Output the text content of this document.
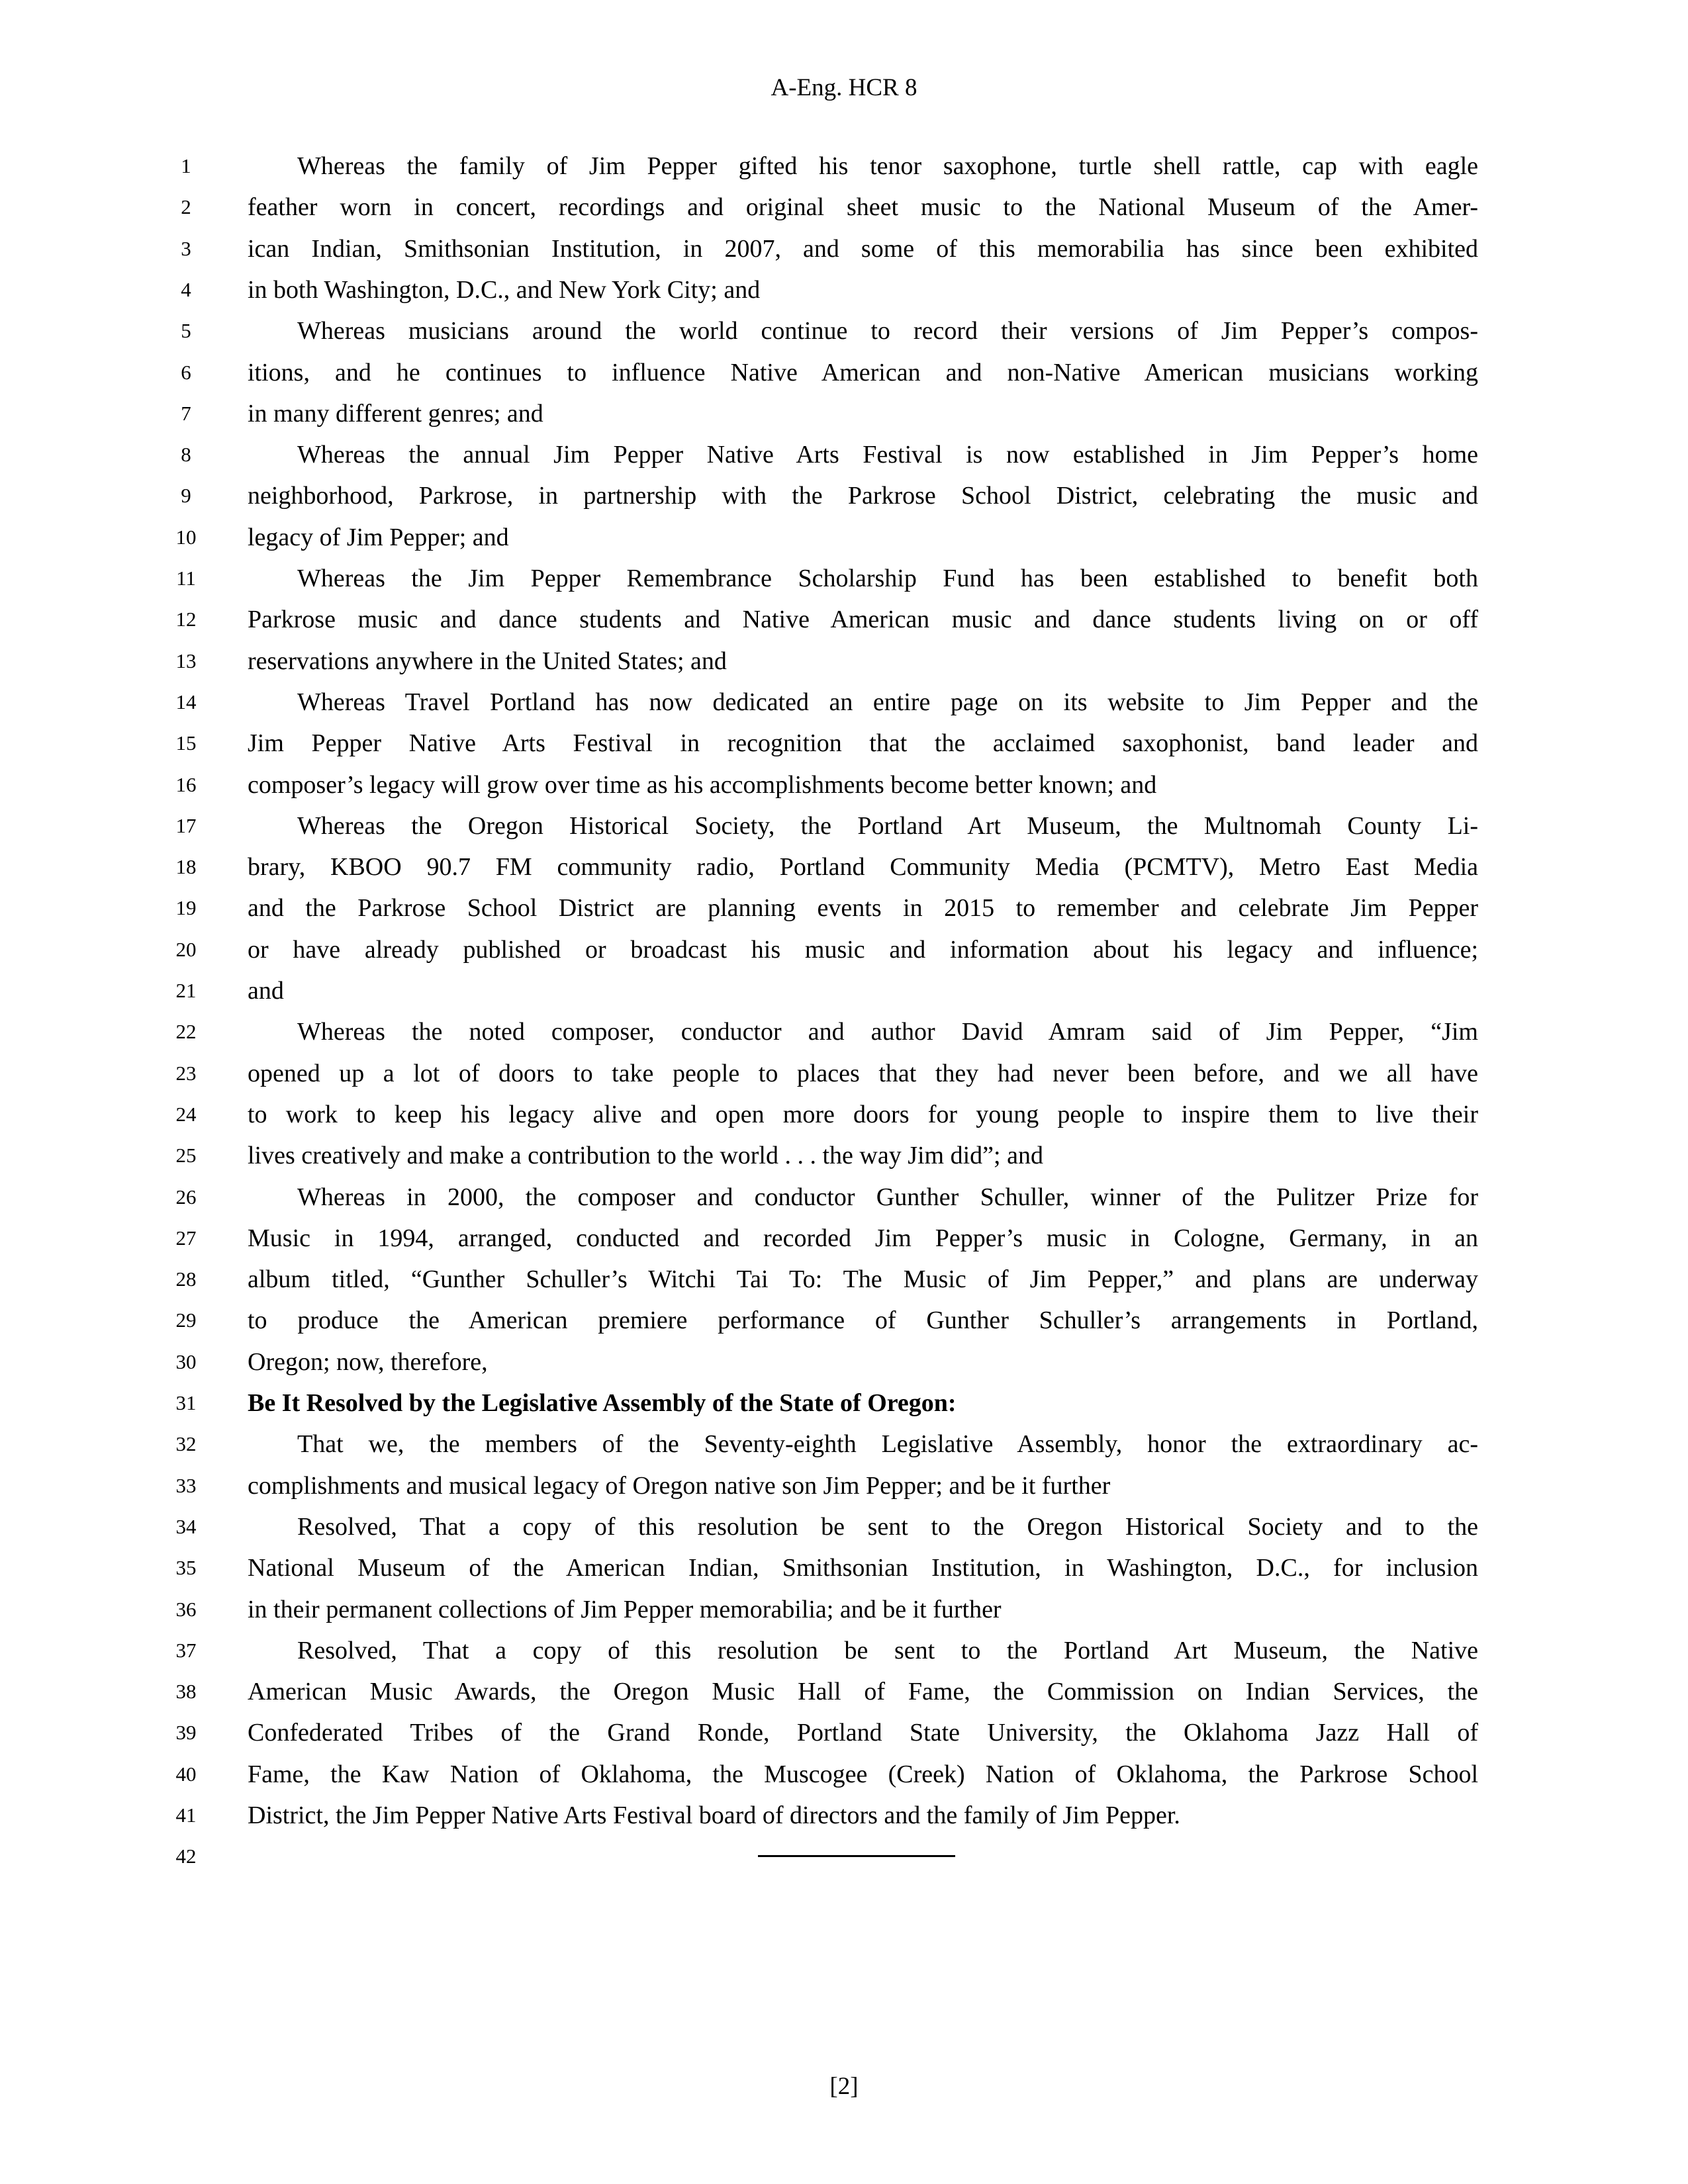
A-Eng. HCR 8
1	Whereas the family of Jim Pepper gifted his tenor saxophone, turtle shell rattle, cap with eagle
2	feather worn in concert, recordings and original sheet music to the National Museum of the Amer-
3	ican Indian, Smithsonian Institution, in 2007, and some of this memorabilia has since been exhibited
4	in both Washington, D.C., and New York City; and
5	Whereas musicians around the world continue to record their versions of Jim Pepper’s compos-
6	itions, and he continues to influence Native American and non-Native American musicians working
7	in many different genres; and
8	Whereas the annual Jim Pepper Native Arts Festival is now established in Jim Pepper’s home
9	neighborhood, Parkrose, in partnership with the Parkrose School District, celebrating the music and
10	legacy of Jim Pepper; and
11	Whereas the Jim Pepper Remembrance Scholarship Fund has been established to benefit both
12	Parkrose music and dance students and Native American music and dance students living on or off
13	reservations anywhere in the United States; and
14	Whereas Travel Portland has now dedicated an entire page on its website to Jim Pepper and the
15	Jim Pepper Native Arts Festival in recognition that the acclaimed saxophonist, band leader and
16	composer’s legacy will grow over time as his accomplishments become better known; and
17	Whereas the Oregon Historical Society, the Portland Art Museum, the Multnomah County Li-
18	brary, KBOO 90.7 FM community radio, Portland Community Media (PCMTV), Metro East Media
19	and the Parkrose School District are planning events in 2015 to remember and celebrate Jim Pepper
20	or have already published or broadcast his music and information about his legacy and influence;
21	and
22	Whereas the noted composer, conductor and author David Amram said of Jim Pepper, “Jim
23	opened up a lot of doors to take people to places that they had never been before, and we all have
24	to work to keep his legacy alive and open more doors for young people to inspire them to live their
25	lives creatively and make a contribution to the world . . . the way Jim did”; and
26	Whereas in 2000, the composer and conductor Gunther Schuller, winner of the Pulitzer Prize for
27	Music in 1994, arranged, conducted and recorded Jim Pepper’s music in Cologne, Germany, in an
28	album titled, “Gunther Schuller’s Witchi Tai To: The Music of Jim Pepper,” and plans are underway
29	to produce the American premiere performance of Gunther Schuller’s arrangements in Portland,
30	Oregon; now, therefore,
31	Be It Resolved by the Legislative Assembly of the State of Oregon:
32	That we, the members of the Seventy-eighth Legislative Assembly, honor the extraordinary ac-
33	complishments and musical legacy of Oregon native son Jim Pepper; and be it further
34	Resolved, That a copy of this resolution be sent to the Oregon Historical Society and to the
35	National Museum of the American Indian, Smithsonian Institution, in Washington, D.C., for inclusion
36	in their permanent collections of Jim Pepper memorabilia; and be it further
37	Resolved, That a copy of this resolution be sent to the Portland Art Museum, the Native
38	American Music Awards, the Oregon Music Hall of Fame, the Commission on Indian Services, the
39	Confederated Tribes of the Grand Ronde, Portland State University, the Oklahoma Jazz Hall of
40	Fame, the Kaw Nation of Oklahoma, the Muscogee (Creek) Nation of Oklahoma, the Parkrose School
41	District, the Jim Pepper Native Arts Festival board of directors and the family of Jim Pepper.
42
[2]
